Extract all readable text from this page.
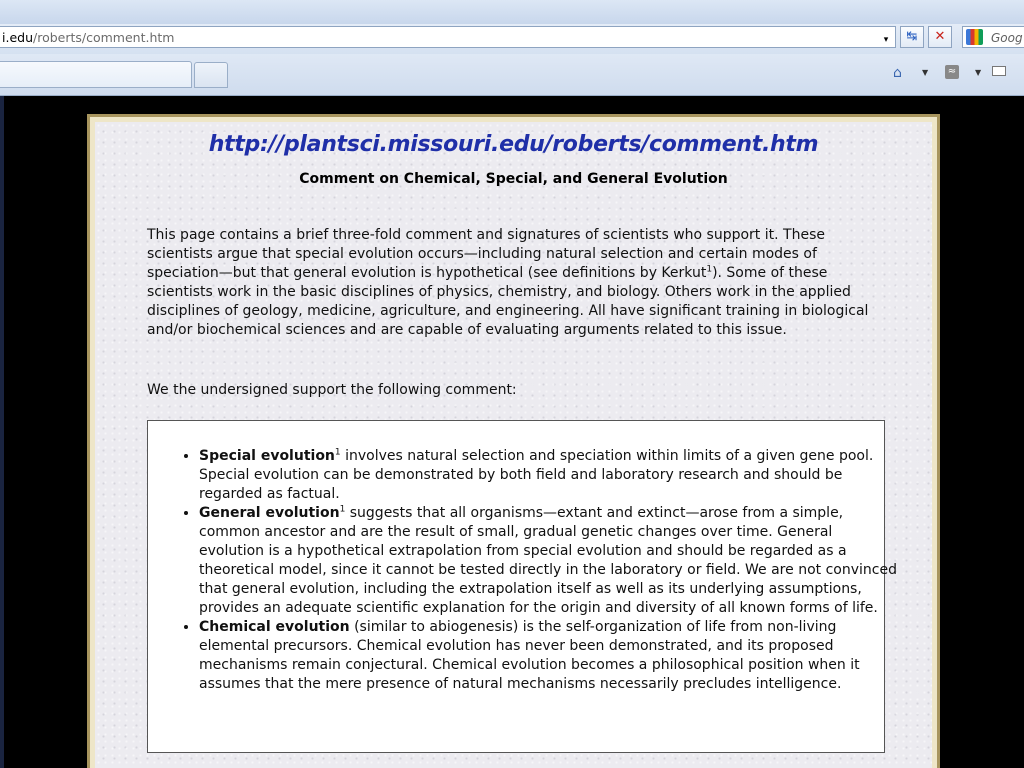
i.edu/roberts/comment.htm	▾	↹	✕	Goog
⌂	▼ ≈	▼
http://plantsci.missouri.edu/roberts/comment.htm
Comment on Chemical, Special, and General Evolution

This page contains a brief three-fold comment and signatures of scientists who support it. These scientists argue that special evolution occurs—including natural selection and certain modes of speciation—but that general evolution is hypothetical (see definitions by Kerkut$^1$). Some of these scientists work in the basic disciplines of physics, chemistry, and biology. Others work in the applied disciplines of geology, medicine, agriculture, and engineering. All have significant training in biological and/or biochemical sciences and are capable of evaluating arguments related to this issue.

We the undersigned support the following comment:

• Special evolution$^1$ involves natural selection and speciation within limits of a given gene pool. Special evolution can be demonstrated by both field and laboratory research and should be regarded as factual.
• General evolution$^1$ suggests that all organisms—extant and extinct—arose from a simple, common ancestor and are the result of small, gradual genetic changes over time. General evolution is a hypothetical extrapolation from special evolution and should be regarded as a theoretical model, since it cannot be tested directly in the laboratory or field. We are not convinced that general evolution, including the extrapolation itself as well as its underlying assumptions, provides an adequate scientific explanation for the origin and diversity of all known forms of life.
• Chemical evolution (similar to abiogenesis) is the self-organization of life from non-living elemental precursors. Chemical evolution has never been demonstrated, and its proposed mechanisms remain conjectural. Chemical evolution becomes a philosophical position when it assumes that the mere presence of natural mechanisms necessarily precludes intelligence.
